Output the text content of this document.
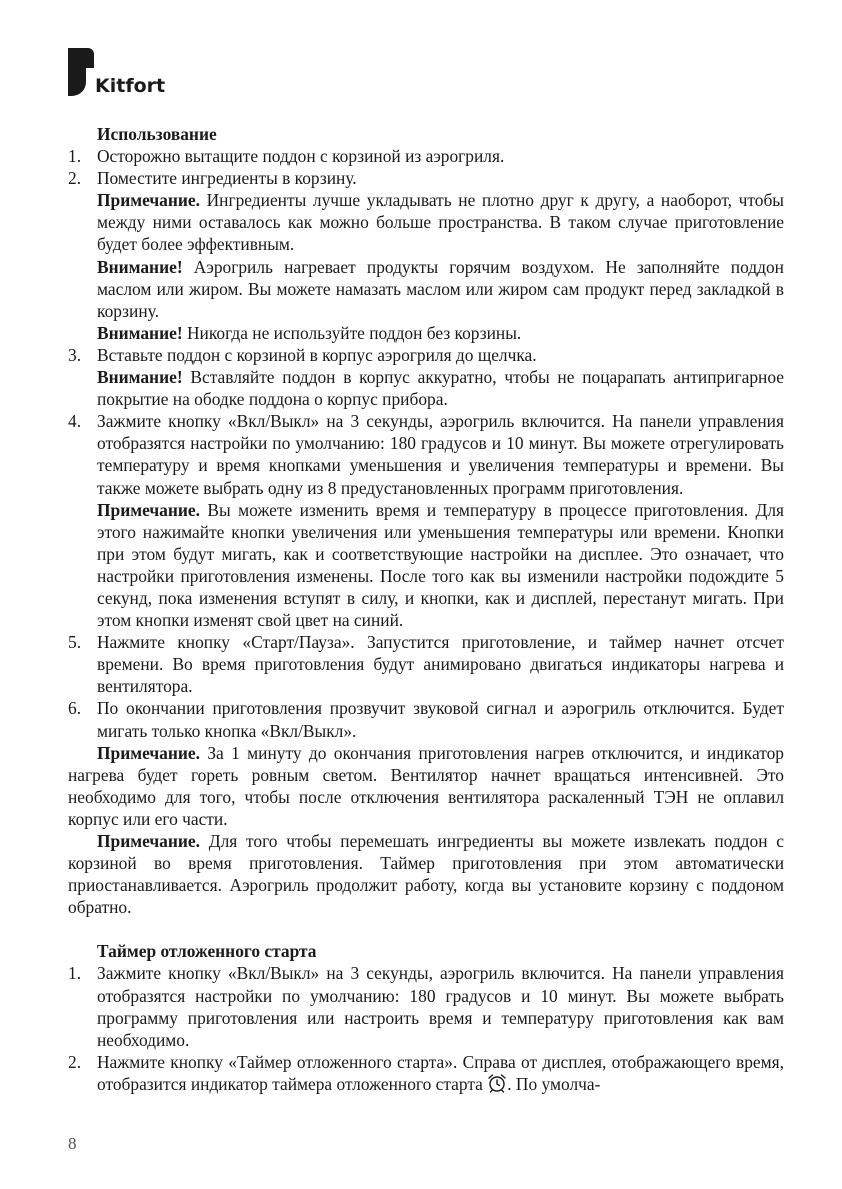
Kitfort
Использование
1. Осторожно вытащите поддон с корзиной из аэрогриля.
2. Поместите ингредиенты в корзину.
Примечание. Ингредиенты лучше укладывать не плотно друг к другу, а наоборот, чтобы между ними оставалось как можно больше пространства. В таком случае приготовление будет более эффективным.
Внимание! Аэрогриль нагревает продукты горячим воздухом. Не заполняйте поддон маслом или жиром. Вы можете намазать маслом или жиром сам продукт перед закладкой в корзину.
Внимание! Никогда не используйте поддон без корзины.
3. Вставьте поддон с корзиной в корпус аэрогриля до щелчка.
Внимание! Вставляйте поддон в корпус аккуратно, чтобы не поцарапать антипригарное покрытие на ободке поддона о корпус прибора.
4. Зажмите кнопку «Вкл/Выкл» на 3 секунды, аэрогриль включится. На панели управления отобразятся настройки по умолчанию: 180 градусов и 10 минут. Вы можете отрегулировать температуру и время кнопками уменьшения и увеличения температуры и времени. Вы также можете выбрать одну из 8 предустановленных программ приготовления.
Примечание. Вы можете изменить время и температуру в процессе приготовления. Для этого нажимайте кнопки увеличения или уменьшения температуры или времени. Кнопки при этом будут мигать, как и соответствующие настройки на дисплее. Это означает, что настройки приготовления изменены. После того как вы изменили настройки подождите 5 секунд, пока изменения вступят в силу, и кнопки, как и дисплей, перестанут мигать. При этом кнопки изменят свой цвет на синий.
5. Нажмите кнопку «Старт/Пауза». Запустится приготовление, и таймер начнет отсчет времени. Во время приготовления будут анимировано двигаться индикаторы нагрева и вентилятора.
6. По окончании приготовления прозвучит звуковой сигнал и аэрогриль отключится. Будет мигать только кнопка «Вкл/Выкл».
Примечание. За 1 минуту до окончания приготовления нагрев отключится, и индикатор нагрева будет гореть ровным светом. Вентилятор начнет вращаться интенсивней. Это необходимо для того, чтобы после отключения вентилятора раскаленный ТЭН не оплавил корпус или его части.
Примечание. Для того чтобы перемешать ингредиенты вы можете извлекать поддон с корзиной во время приготовления. Таймер приготовления при этом автоматически приостанавливается. Аэрогриль продолжит работу, когда вы установите корзину с поддоном обратно.
Таймер отложенного старта
1. Зажмите кнопку «Вкл/Выкл» на 3 секунды, аэрогриль включится. На панели управления отобразятся настройки по умолчанию: 180 градусов и 10 минут. Вы можете выбрать программу приготовления или настроить время и температуру приготовления как вам необходимо.
2. Нажмите кнопку «Таймер отложенного старта». Справа от дисплея, отображающего время, отобразится индикатор таймера отложенного старта . По умолча-
8
